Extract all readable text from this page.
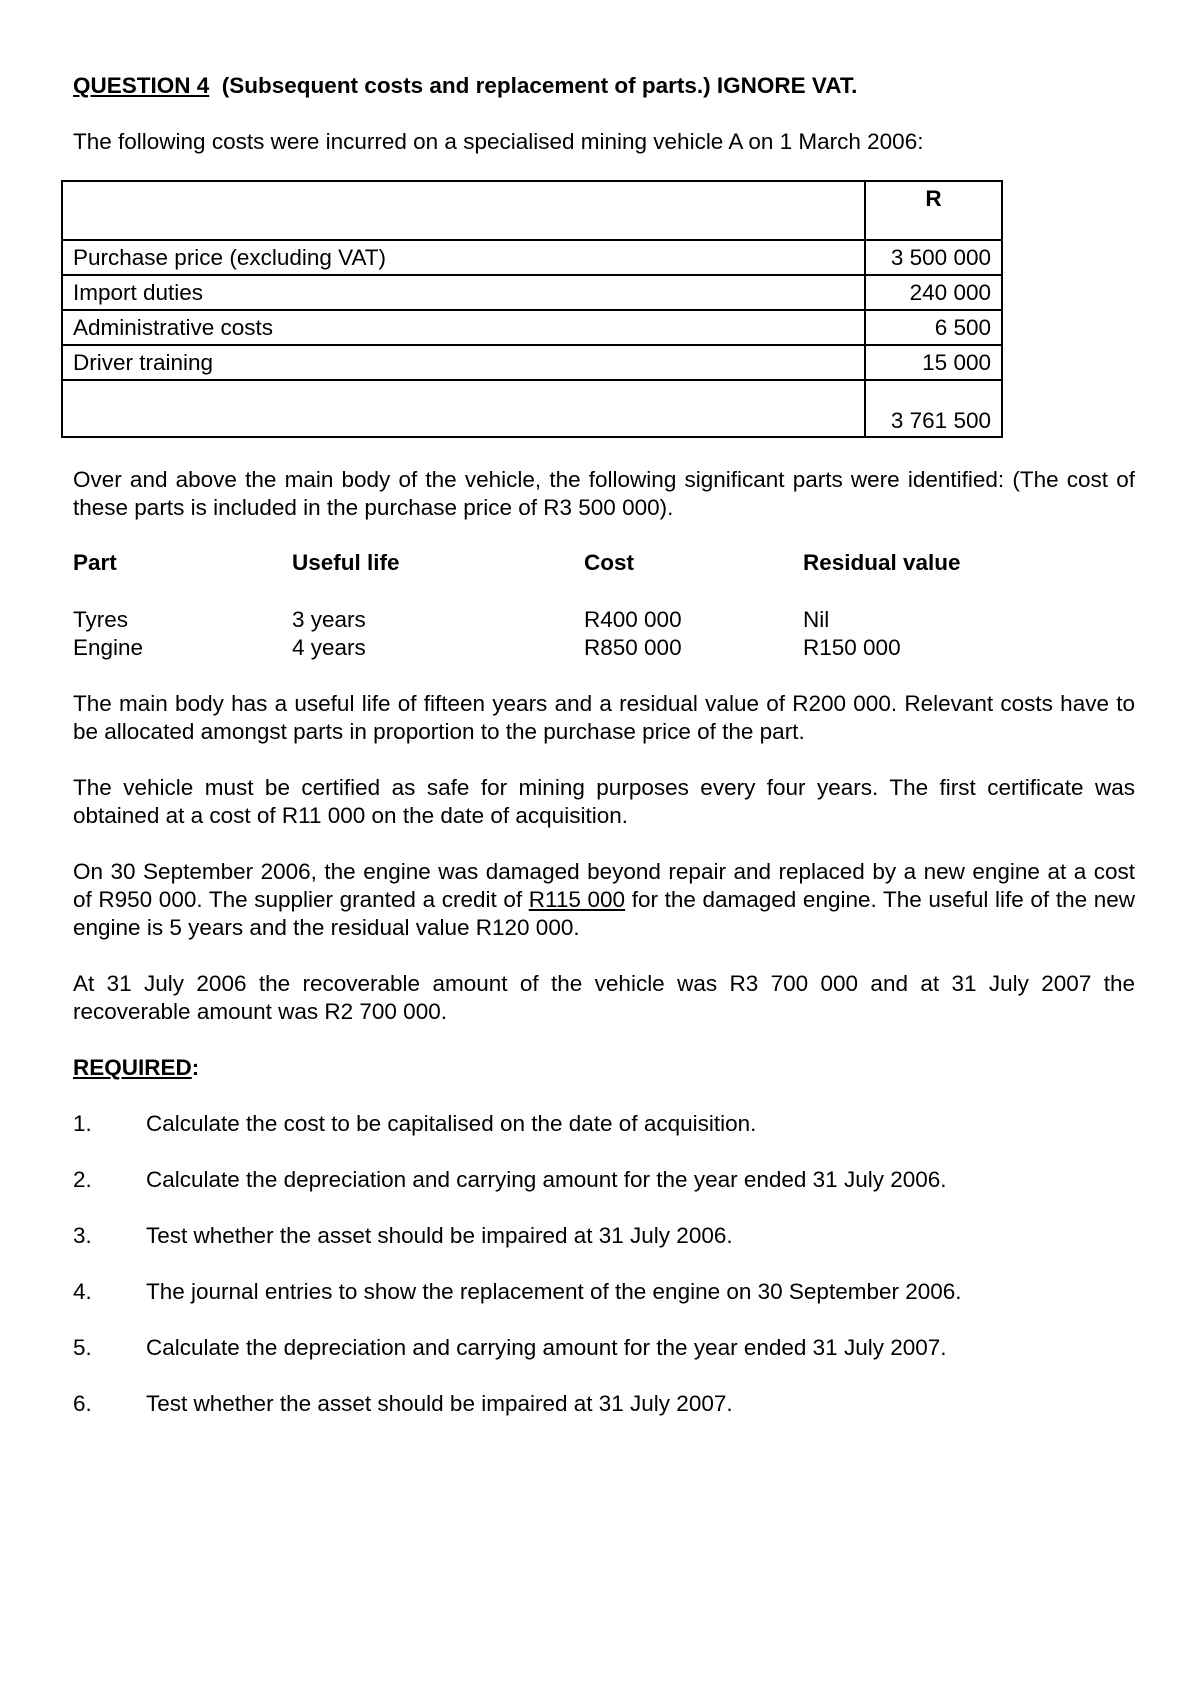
QUESTION 4 (Subsequent costs and replacement of parts.) IGNORE VAT.

The following costs were incurred on a specialised mining vehicle A on 1 March 2006:

	R
Purchase price (excluding VAT)	3 500 000
Import duties	240 000
Administrative costs	6 500
Driver training	15 000
	3 761 500

Over and above the main body of the vehicle, the following significant parts were identified: (The cost of these parts is included in the purchase price of R3 500 000).

Part	Useful life	Cost	Residual value
Tyres	3 years	R400 000	Nil
Engine	4 years	R850 000	R150 000

The main body has a useful life of fifteen years and a residual value of R200 000. Relevant costs have to be allocated amongst parts in proportion to the purchase price of the part.

The vehicle must be certified as safe for mining purposes every four years. The first certificate was obtained at a cost of R11 000 on the date of acquisition.

On 30 September 2006, the engine was damaged beyond repair and replaced by a new engine at a cost of R950 000. The supplier granted a credit of R115 000 for the damaged engine. The useful life of the new engine is 5 years and the residual value R120 000.

At 31 July 2006 the recoverable amount of the vehicle was R3 700 000 and at 31 July 2007 the recoverable amount was R2 700 000.

REQUIRED:

1.	Calculate the cost to be capitalised on the date of acquisition.
2.	Calculate the depreciation and carrying amount for the year ended 31 July 2006.
3.	Test whether the asset should be impaired at 31 July 2006.
4.	The journal entries to show the replacement of the engine on 30 September 2006.
5.	Calculate the depreciation and carrying amount for the year ended 31 July 2007.
6.	Test whether the asset should be impaired at 31 July 2007.
